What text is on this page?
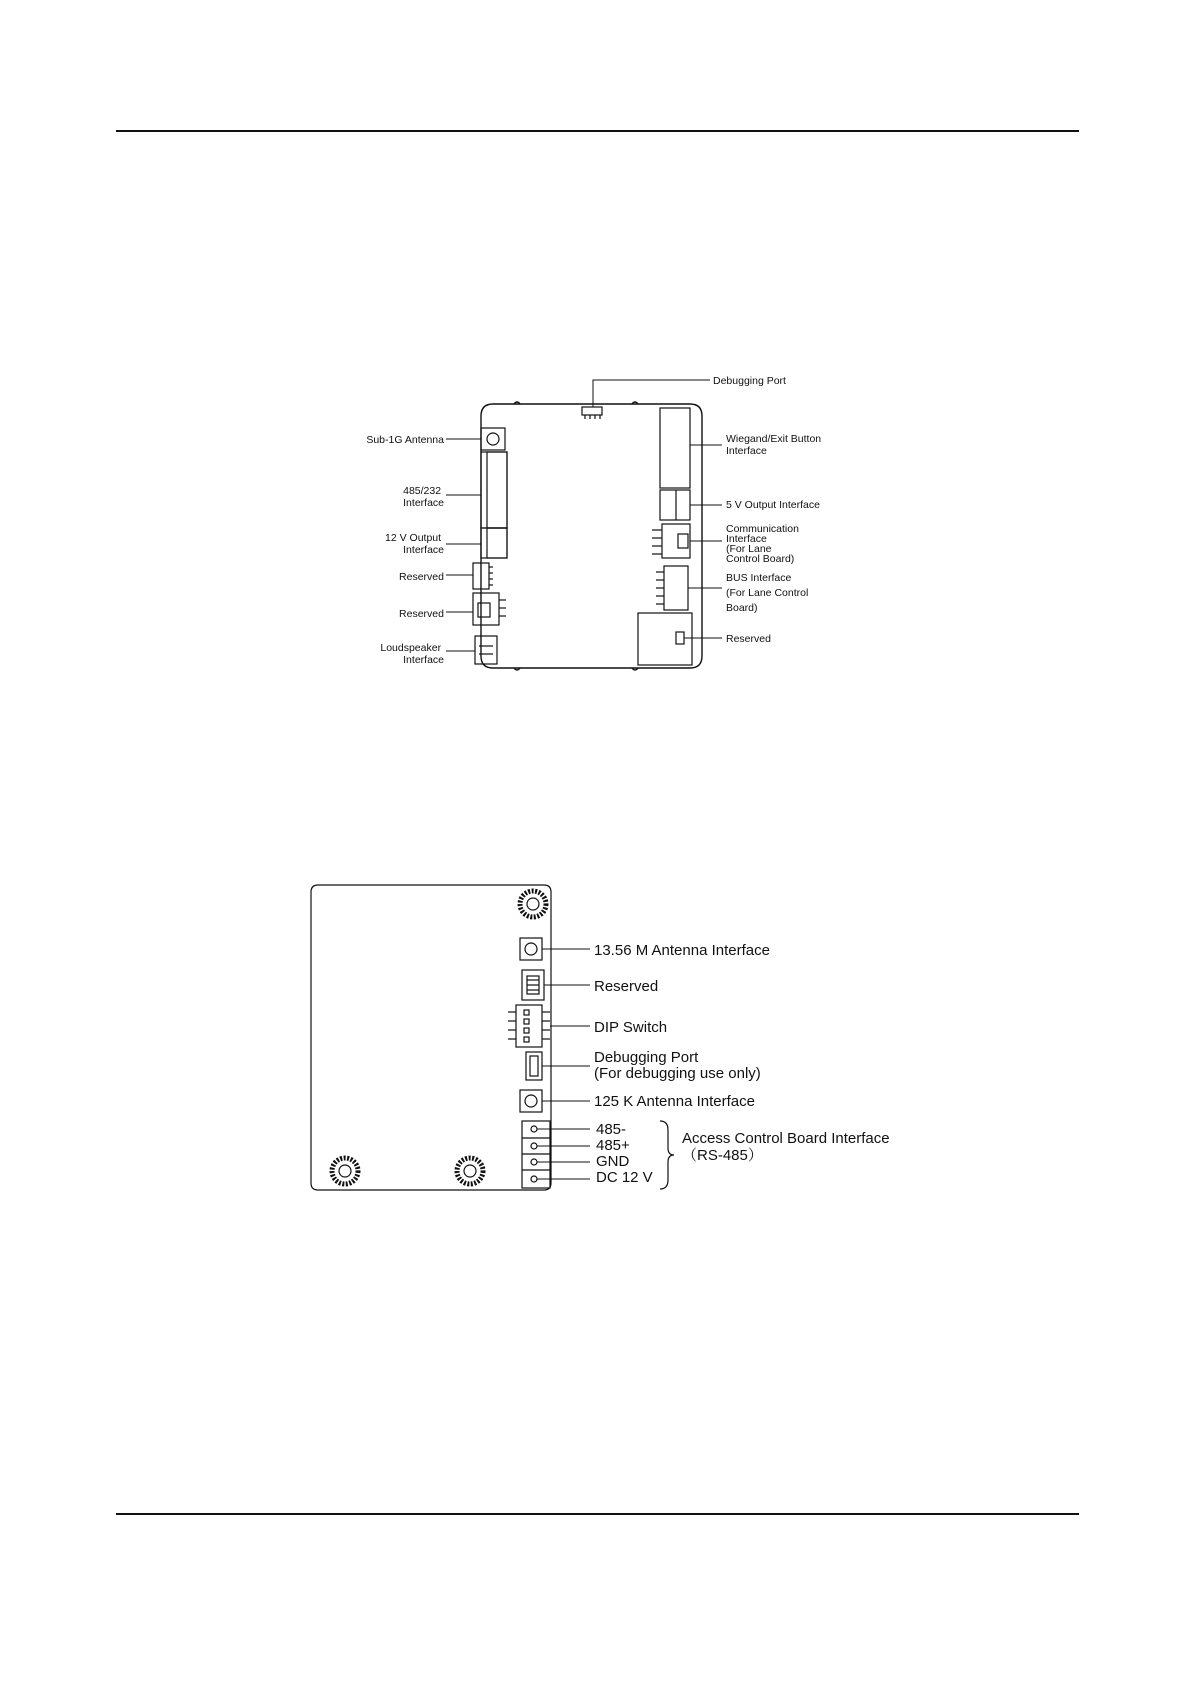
Debugging Port
Sub-1G Antenna
485/232 Interface
12 V Output Interface
Reserved
Reserved
Loudspeaker Interface
Wiegand/Exit Button Interface
5 V Output Interface
Communication Interface (For Lane Control Board)
BUS Interface (For Lane Control Board)
Reserved
13.56 M Antenna Interface
Reserved
DIP Switch
Debugging Port (For debugging use only)
125 K Antenna Interface
485-
485+
GND
DC 12 V
Access Control Board Interface （RS-485）
